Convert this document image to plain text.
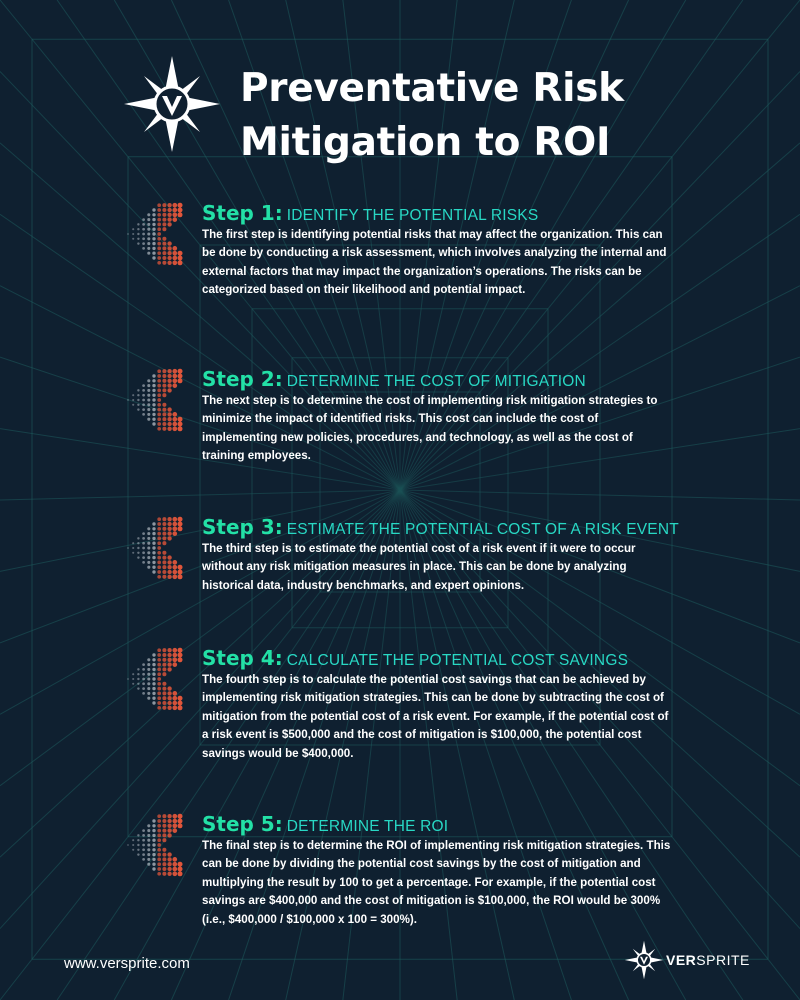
Preventative Risk Mitigation to ROI
Step 1: IDENTIFY THE POTENTIAL RISKS

The first step is identifying potential risks that may affect the organization. This can be done by conducting a risk assessment, which involves analyzing the internal and external factors that may impact the organization’s operations. The risks can be categorized based on their likelihood and potential impact.

Step 2: DETERMINE THE COST OF MITIGATION

The next step is to determine the cost of implementing risk mitigation strategies to minimize the impact of identified risks. This cost can include the cost of implementing new policies, procedures, and technology, as well as the cost of training employees.

Step 3: ESTIMATE THE POTENTIAL COST OF A RISK EVENT

The third step is to estimate the potential cost of a risk event if it were to occur without any risk mitigation measures in place. This can be done by analyzing historical data, industry benchmarks, and expert opinions.

Step 4: CALCULATE THE POTENTIAL COST SAVINGS

The fourth step is to calculate the potential cost savings that can be achieved by implementing risk mitigation strategies. This can be done by subtracting the cost of mitigation from the potential cost of a risk event. For example, if the potential cost of a risk event is $500,000 and the cost of mitigation is $100,000, the potential cost savings would be $400,000.

Step 5: DETERMINE THE ROI

The final step is to determine the ROI of implementing risk mitigation strategies. This can be done by dividing the potential cost savings by the cost of mitigation and multiplying the result by 100 to get a percentage. For example, if the potential cost savings are $400,000 and the cost of mitigation is $100,000, the ROI would be 300% (i.e., $400,000 / $100,000 x 100 = 300%).

www.versprite.com	VERSPRITE
